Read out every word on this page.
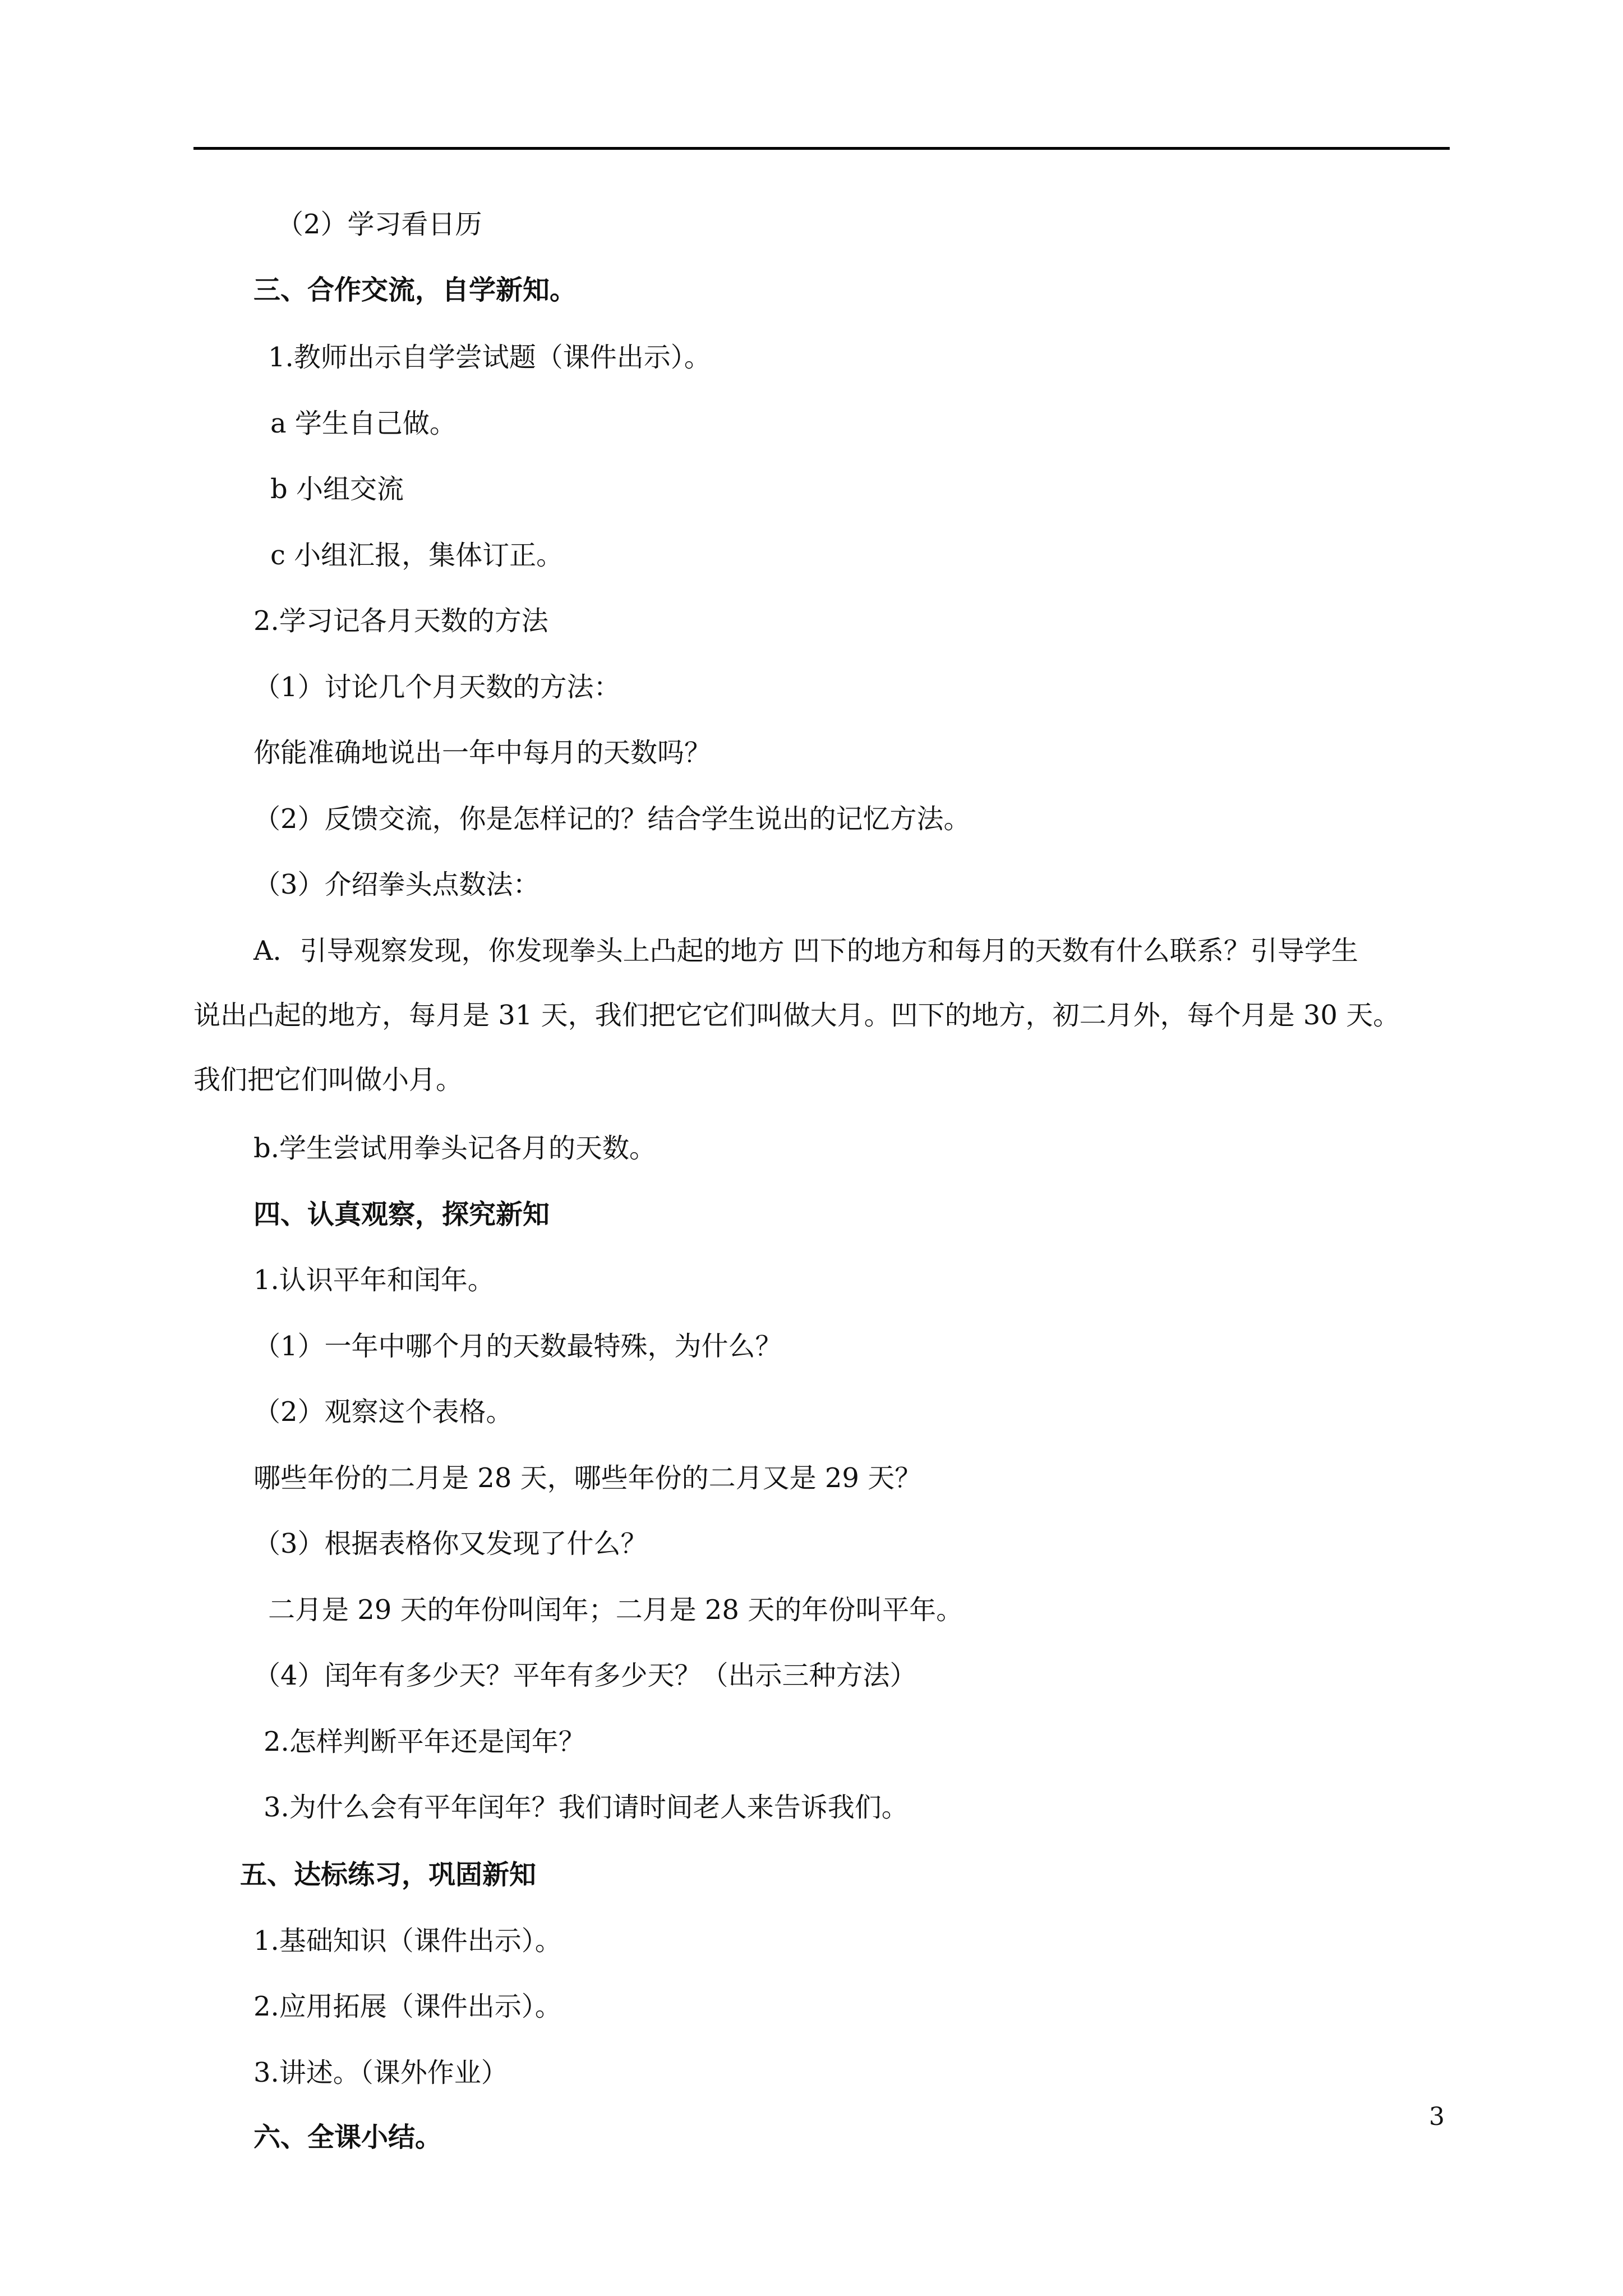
（2）学习看日历
三、合作交流，自学新知。
1.教师出示自学尝试题（课件出示）。
a 学生自己做。
b 小组交流
c 小组汇报，集体订正。
2.学习记各月天数的方法
（1）讨论几个月天数的方法：
你能准确地说出一年中每月的天数吗？
（2）反馈交流，你是怎样记的？结合学生说出的记忆方法。
（3）介绍拳头点数法：
A．引导观察发现，你发现拳头上凸起的地方 凹下的地方和每月的天数有什么联系？引导学生
说出凸起的地方，每月是 31 天，我们把它它们叫做大月。凹下的地方，初二月外，每个月是 30 天。
我们把它们叫做小月。
b.学生尝试用拳头记各月的天数。
四、认真观察，探究新知
1.认识平年和闰年。
（1）一年中哪个月的天数最特殊，为什么？
（2）观察这个表格。
哪些年份的二月是 28 天，哪些年份的二月又是 29 天？
（3）根据表格你又发现了什么？
二月是 29 天的年份叫闰年；二月是 28 天的年份叫平年。
（4）闰年有多少天？平年有多少天？（出示三种方法）
2.怎样判断平年还是闰年？
3.为什么会有平年闰年？我们请时间老人来告诉我们。
五、达标练习，巩固新知
1.基础知识（课件出示）。
2.应用拓展（课件出示）。
3.讲述。（课外作业）
六、全课小结。
3
